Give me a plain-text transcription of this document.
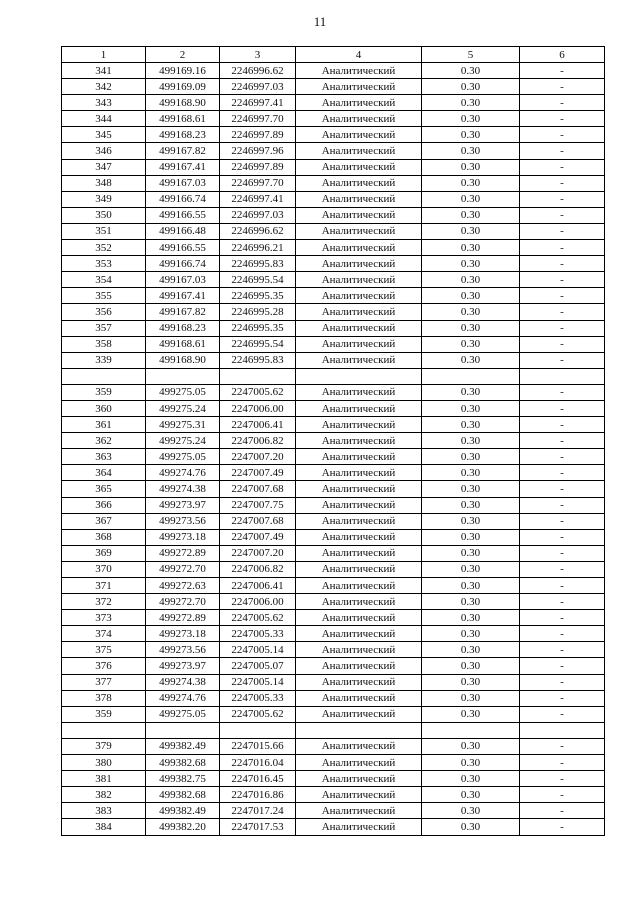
11
1	2	3	4	5	6
341	499169.16	2246996.62	Аналитический	0.30	-
342	499169.09	2246997.03	Аналитический	0.30	-
343	499168.90	2246997.41	Аналитический	0.30	-
344	499168.61	2246997.70	Аналитический	0.30	-
345	499168.23	2246997.89	Аналитический	0.30	-
346	499167.82	2246997.96	Аналитический	0.30	-
347	499167.41	2246997.89	Аналитический	0.30	-
348	499167.03	2246997.70	Аналитический	0.30	-
349	499166.74	2246997.41	Аналитический	0.30	-
350	499166.55	2246997.03	Аналитический	0.30	-
351	499166.48	2246996.62	Аналитический	0.30	-
352	499166.55	2246996.21	Аналитический	0.30	-
353	499166.74	2246995.83	Аналитический	0.30	-
354	499167.03	2246995.54	Аналитический	0.30	-
355	499167.41	2246995.35	Аналитический	0.30	-
356	499167.82	2246995.28	Аналитический	0.30	-
357	499168.23	2246995.35	Аналитический	0.30	-
358	499168.61	2246995.54	Аналитический	0.30	-
339	499168.90	2246995.83	Аналитический	0.30	-

359	499275.05	2247005.62	Аналитический	0.30	-
360	499275.24	2247006.00	Аналитический	0.30	-
361	499275.31	2247006.41	Аналитический	0.30	-
362	499275.24	2247006.82	Аналитический	0.30	-
363	499275.05	2247007.20	Аналитический	0.30	-
364	499274.76	2247007.49	Аналитический	0.30	-
365	499274.38	2247007.68	Аналитический	0.30	-
366	499273.97	2247007.75	Аналитический	0.30	-
367	499273.56	2247007.68	Аналитический	0.30	-
368	499273.18	2247007.49	Аналитический	0.30	-
369	499272.89	2247007.20	Аналитический	0.30	-
370	499272.70	2247006.82	Аналитический	0.30	-
371	499272.63	2247006.41	Аналитический	0.30	-
372	499272.70	2247006.00	Аналитический	0.30	-
373	499272.89	2247005.62	Аналитический	0.30	-
374	499273.18	2247005.33	Аналитический	0.30	-
375	499273.56	2247005.14	Аналитический	0.30	-
376	499273.97	2247005.07	Аналитический	0.30	-
377	499274.38	2247005.14	Аналитический	0.30	-
378	499274.76	2247005.33	Аналитический	0.30	-
359	499275.05	2247005.62	Аналитический	0.30	-

379	499382.49	2247015.66	Аналитический	0.30	-
380	499382.68	2247016.04	Аналитический	0.30	-
381	499382.75	2247016.45	Аналитический	0.30	-
382	499382.68	2247016.86	Аналитический	0.30	-
383	499382.49	2247017.24	Аналитический	0.30	-
384	499382.20	2247017.53	Аналитический	0.30	-
